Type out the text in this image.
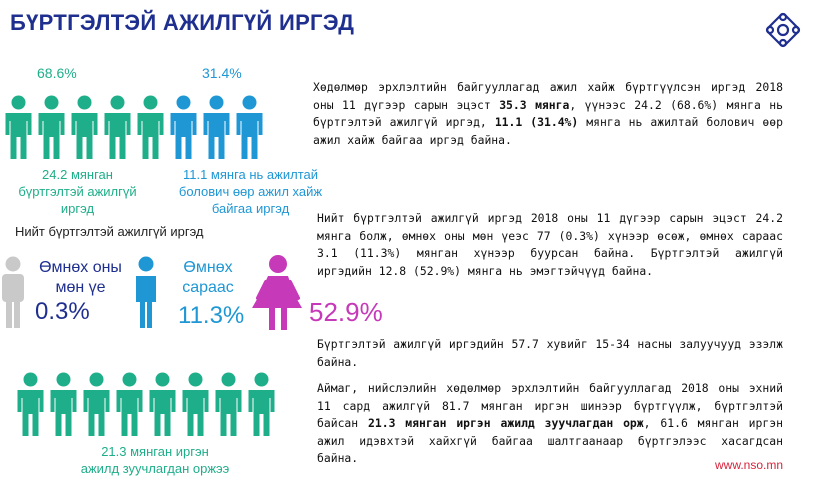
БҮРТГЭЛТЭЙ АЖИЛГҮЙ ИРГЭД
68.6%	31.4%
24.2 мянган
бүртгэлтэй ажилгүй
иргэд
11.1 мянга нь ажилтай
болович өөр ажил хайж
байгаа иргэд
Хөдөлмөр эрхлэлтийн байгууллагад ажил хайж бүртгүүлсэн иргэд 2018 оны 11 дүгээр сарын эцэст 35.3 мянга, үүнээс 24.2 (68.6%) мянга нь бүртгэлтэй ажилгүй иргэд, 11.1 (31.4%) мянга нь ажилтай болович өөр ажил хайж байгаа иргэд байна.
Нийт бүртгэлтэй ажилгүй иргэд
Өмнөх оны
мөн үе
0.3%
Өмнөх
сараас
11.3% 52.9%
Нийт бүртгэлтэй ажилгүй иргэд 2018 оны 11 дүгээр сарын эцэст 24.2 мянга болж, өмнөх оны мөн үеэс 77 (0.3%) хүнээр өсөж, өмнөх сараас 3.1 (11.3%) мянган хүнээр буурсан байна. Бүртгэлтэй ажилгүй иргэдийн 12.8 (52.9%) мянга нь эмэгтэйчүүд байна.
Бүртгэлтэй ажилгүй иргэдийн 57.7 хувийг 15-34 насны залуучууд эзэлж байна.
Аймаг, нийслэлийн хөдөлмөр эрхлэлтийн байгууллагад 2018 оны эхний 11 сард ажилгүй 81.7 мянган иргэн шинээр бүртгүүлж, бүртгэлтэй байсан 21.3 мянган иргэн ажилд зуучлагдан орж, 61.6 мянган иргэн ажил идэвхтэй хайхгүй байгаа шалтгаанаар бүртгэлээс хасагдсан байна.
21.3 мянган иргэн
ажилд зуучлагдан оржээ	www.nso.mn
